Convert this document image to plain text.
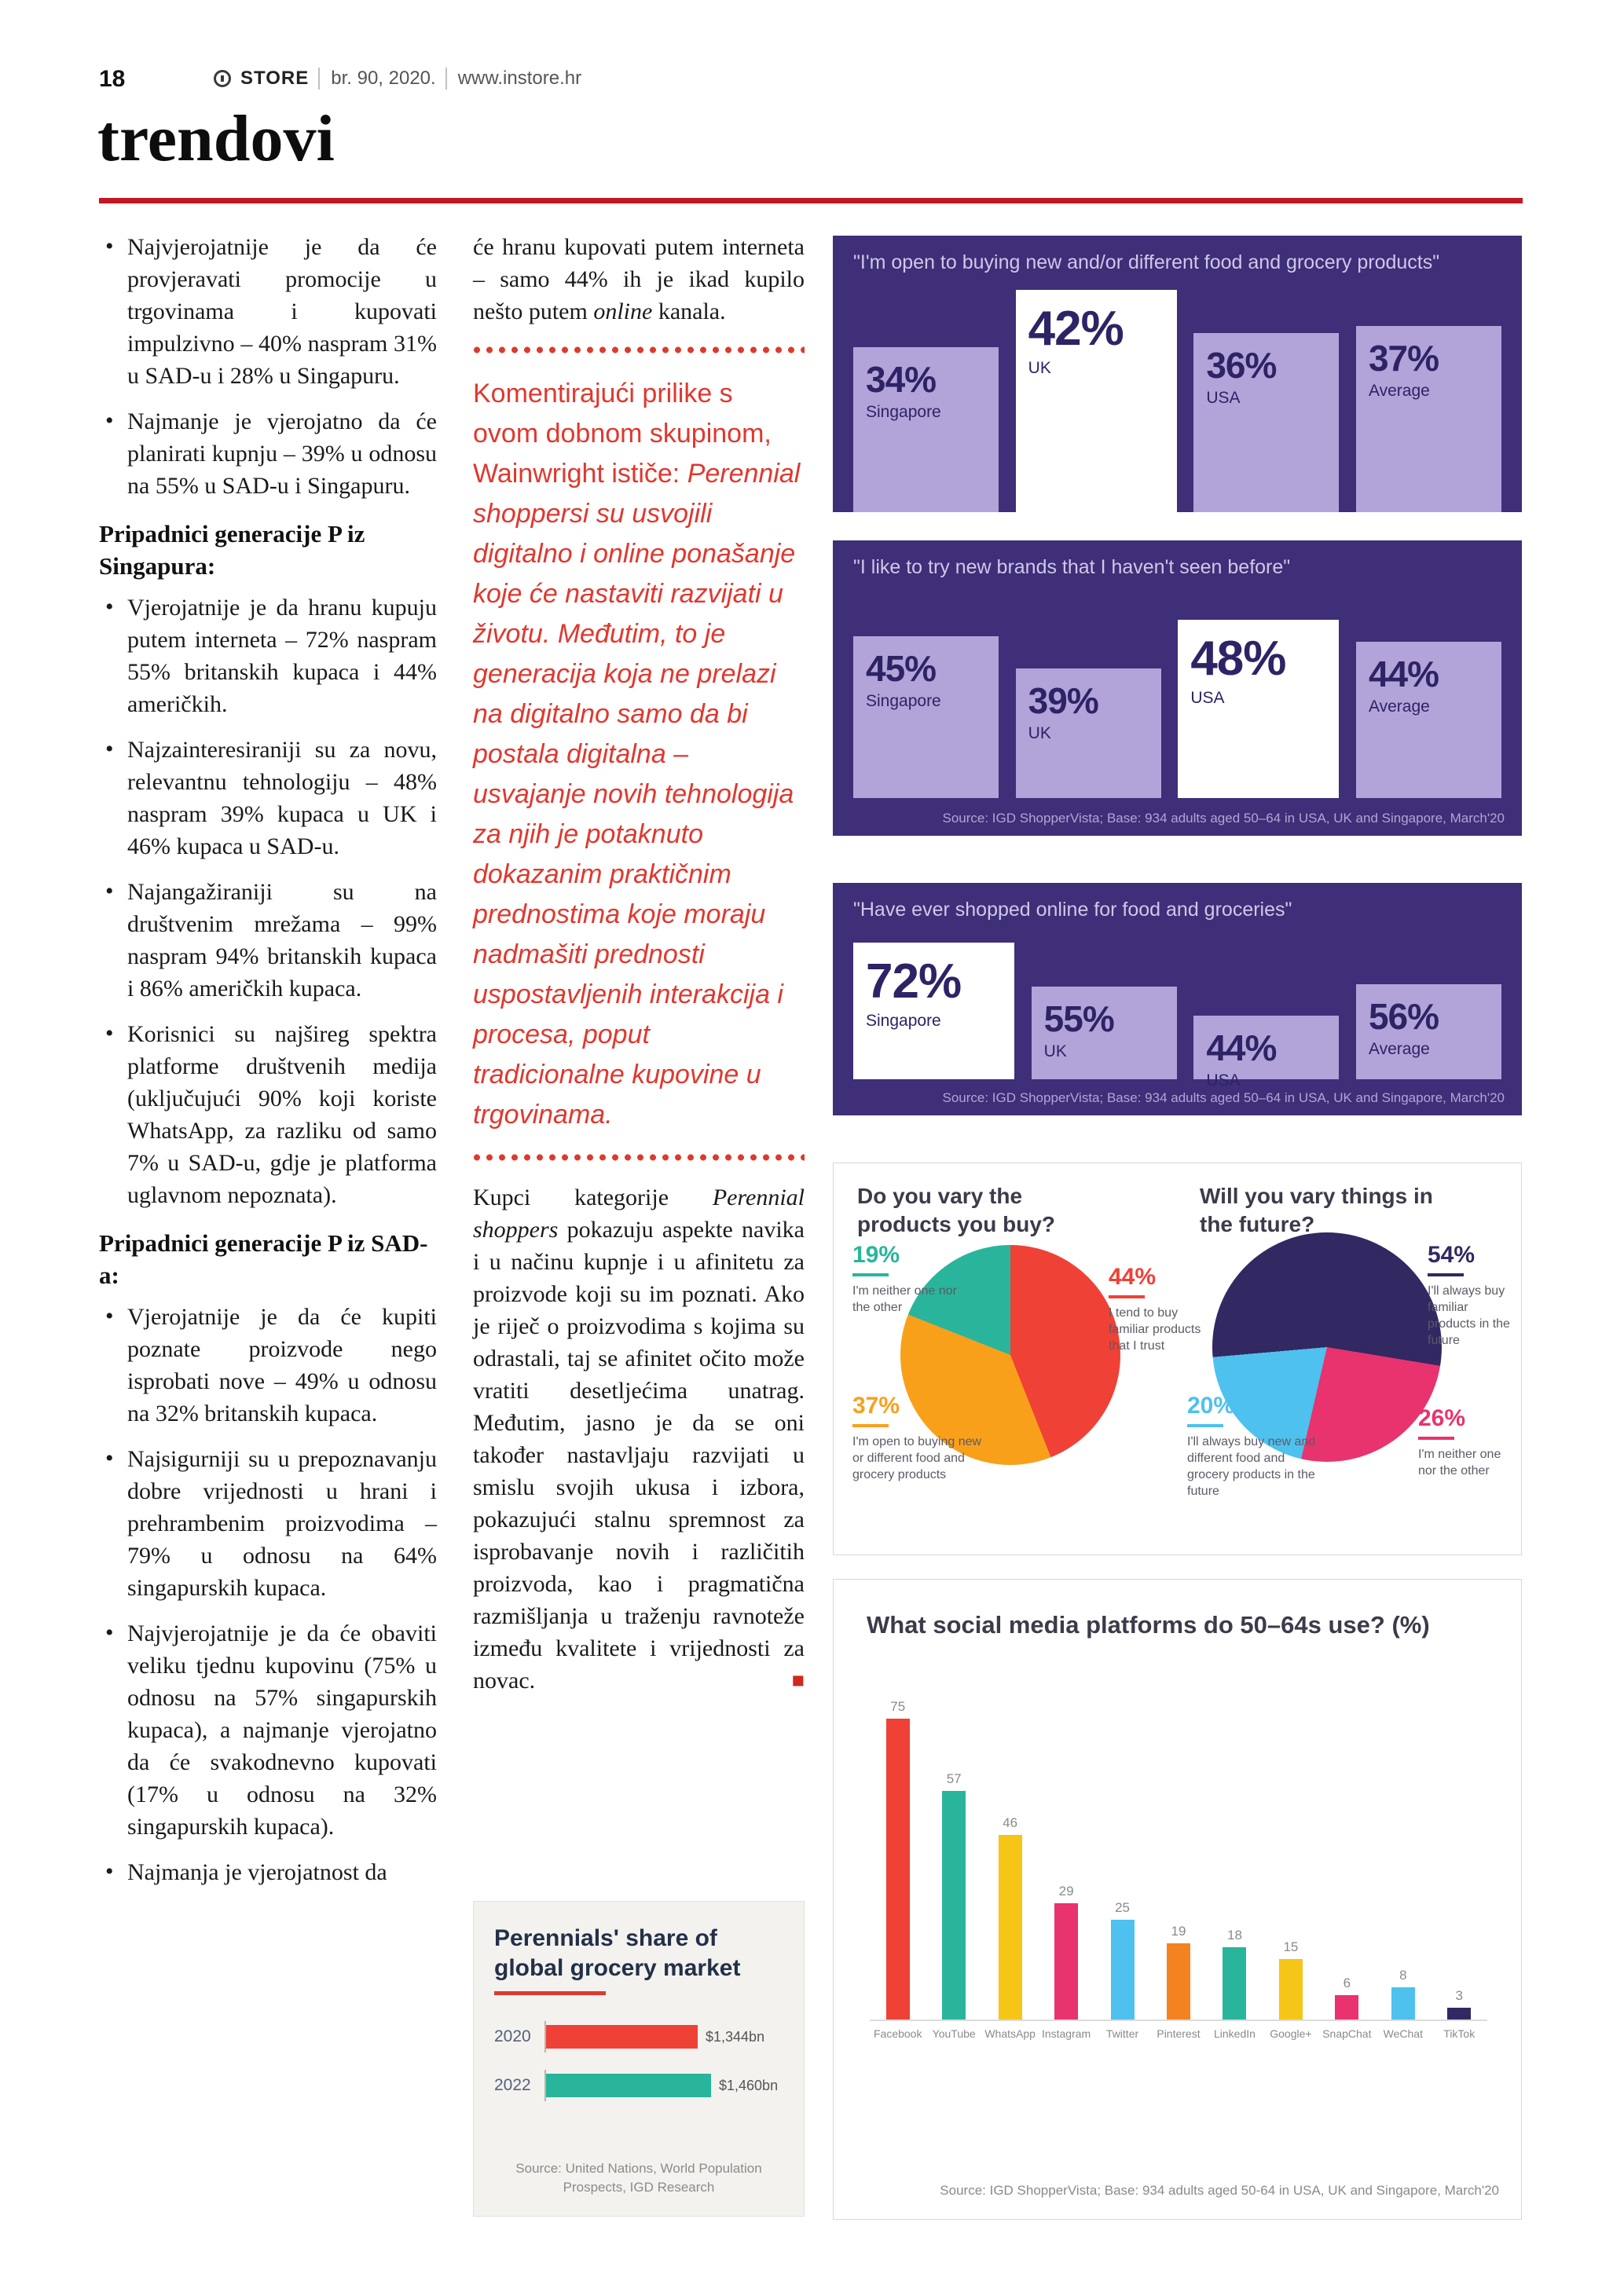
18	STORE	br. 90, 2020.	www.instore.hr
trendovi
• Najvjerojatnije je da će provjeravati promocije u trgovinama i kupovati impulzivno – 40% naspram 31% u SAD-u i 28% u Singapuru.
• Najmanje je vjerojatno da će planirati kupnju – 39% u odnosu na 55% u SAD-u i Singapuru.
Pripadnici generacije P iz Singapura:
• Vjerojatnije je da hranu kupuju putem interneta – 72% naspram 55% britanskih kupaca i 44% američkih.
• Najzainteresiraniji su za novu, relevantnu tehnologiju – 48% naspram 39% kupaca u UK i 46% kupaca u SAD-u.
• Najangažiraniji su na društvenim mrežama – 99% naspram 94% britanskih kupaca i 86% američkih kupaca.
• Korisnici su najšireg spektra platforme društvenih medija (uključujući 90% koji koriste WhatsApp, za razliku od samo 7% u SAD-u, gdje je platforma uglavnom nepoznata).
Pripadnici generacije P iz SAD-a:
• Vjerojatnije je da će kupiti poznate proizvode nego isprobati nove – 49% u odnosu na 32% britanskih kupaca.
• Najsigurniji su u prepoznavanju dobre vrijednosti u hrani i prehrambenim proizvodima – 79% u odnosu na 64% singapurskih kupaca.
• Najvjerojatnije je da će obaviti veliku tjednu kupovinu (75% u odnosu na 57% singapurskih kupaca), a najmanje vjerojatno da će svakodnevno kupovati (17% u odnosu na 32% singapurskih kupaca).
• Najmanja je vjerojatnost da

će hranu kupovati putem interneta – samo 44% ih je ikad kupilo nešto putem online kanala.

Komentirajući prilike s ovom dobnom skupinom, Wainwright ističe: Perennial shoppersi su usvojili digitalno i online ponašanje koje će nastaviti razvijati u životu. Međutim, to je generacija koja ne prelazi na digitalno samo da bi postala digitalna – usvajanje novih tehnologija za njih je potaknuto dokazanim praktičnim prednostima koje moraju nadmašiti prednosti uspostavljenih interakcija i procesa, poput tradicionalne kupovine u trgovinama.

Kupci kategorije Perennial shoppers pokazuju aspekte navika i u načinu kupnje i u afinitetu za proizvode koji su im poznati. Ako je riječ o proizvodima s kojima su odrastali, taj se afinitet očito može vratiti desetljećima unatrag. Međutim, jasno je da se oni također nastavljaju razvijati u smislu svojih ukusa i izbora, pokazujući stalnu spremnost za isprobavanje novih i različitih proizvoda, kao i pragmatična razmišljanja u traženju ravnoteže između kvalitete i vrijednosti za novac.	■

Perennials' share of global grocery market
2020	$1,344bn
2022	$1,460bn
Source: United Nations, World Population Prospects, IGD Research
"I'm open to buying new and/or different food and grocery products"
34%
Singapore
42%
UK	36%
USA
37%
Average
"I like to try new brands that I haven't seen before"
45%
Singapore	39%
UK
48%
USA
44%
Average
Source: IGD ShopperVista; Base: 934 adults aged 50–64 in USA, UK and Singapore, March'20
"Have ever shopped online for food and groceries"
72%
Singapore	55%
UK	44%
USA
56%
Average
Source: IGD ShopperVista; Base: 934 adults aged 50–64 in USA, UK and Singapore, March'20
Do you vary the products you buy?
19%
I'm neither one nor the other
44%
I tend to buy familiar products that I trust
37%
I'm open to buying new or different food and grocery products
Will you vary things in the future?
54%
I'll always buy familiar products in the future
20%
I'll always buy new and different food and grocery products in the future
26%
I'm neither one nor the other
What social media platforms do 50–64s use? (%)
75
57
46
29
25
19	18
15
6
8
3
Facebook YouTube WhatsApp Instagram	Twitter	Pinterest	LinkedIn	Google+ SnapChat	WeChat	TikTok
Source: IGD ShopperVista; Base: 934 adults aged 50-64 in USA, UK and Singapore, March'20
